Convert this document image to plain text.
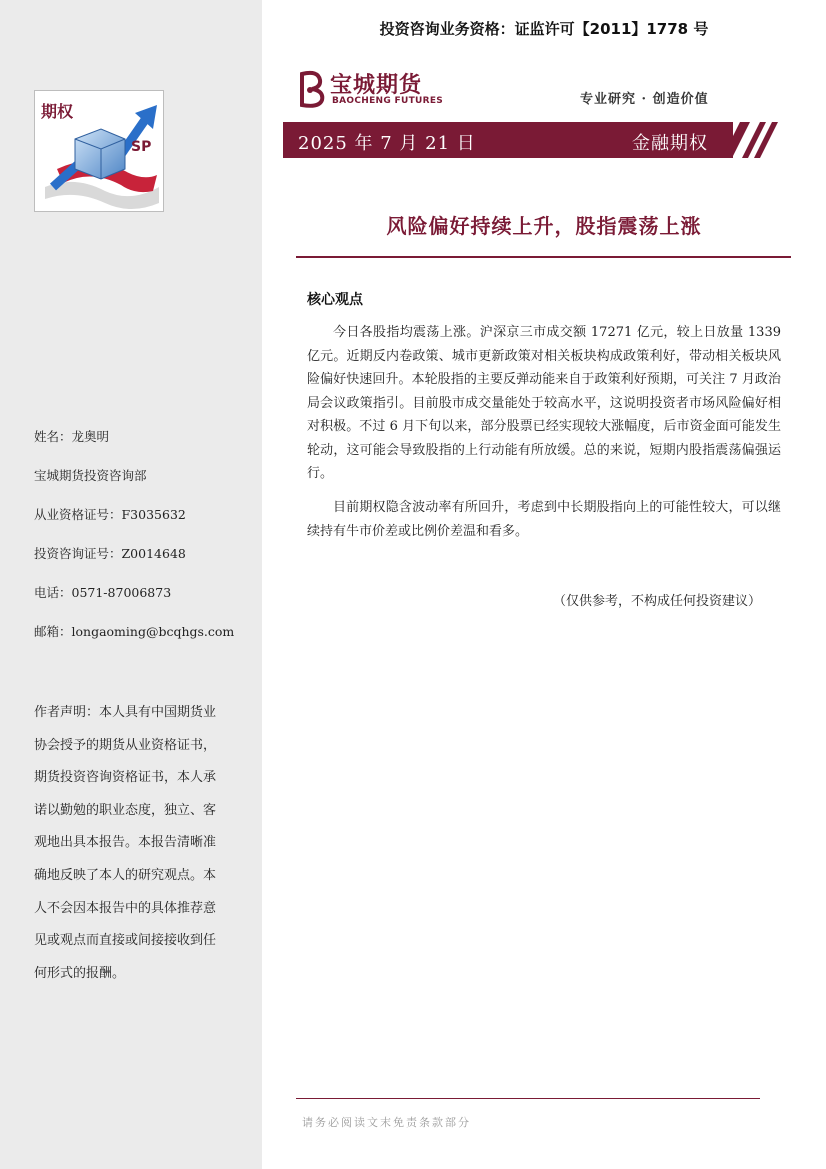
SP
期权
投资咨询业务资格：证监许可【2011】1778 号
宝城期货
BAOCHENG FUTURES	专业研究 · 创造价值
2025 年 7 月 21 日	金融期权
风险偏好持续上升，股指震荡上涨
核心观点

今日各股指均震荡上涨。沪深京三市成交额 17271 亿元，较上日放量 1339 亿元。近期反内卷政策、城市更新政策对相关板块构成政策利好，带动相关板块风险偏好快速回升。本轮股指的主要反弹动能来自于政策利好预期，可关注 7 月政治局会议政策指引。目前股市成交量能处于较高水平，这说明投资者市场风险偏好相对积极。不过 6 月下旬以来，部分股票已经实现较大涨幅度，后市资金面可能发生轮动，这可能会导致股指的上行动能有所放缓。总的来说，短期内股指震荡偏强运行。

目前期权隐含波动率有所回升，考虑到中长期股指向上的可能性较大，可以继续持有牛市价差或比例价差温和看多。

（仅供参考，不构成任何投资建议）
姓名：龙奥明
宝城期货投资咨询部
从业资格证号：F3035632
投资咨询证号：Z0014648
电话：0571-87006873
邮箱：longaoming@bcqhgs.com

作者声明：本人具有中国期货业协会授予的期货从业资格证书，期货投资咨询资格证书，本人承诺以勤勉的职业态度，独立、客观地出具本报告。本报告清晰准确地反映了本人的研究观点。本人不会因本报告中的具体推荐意见或观点而直接或间接接收到任何形式的报酬。

请务必阅读文末免责条款部分
